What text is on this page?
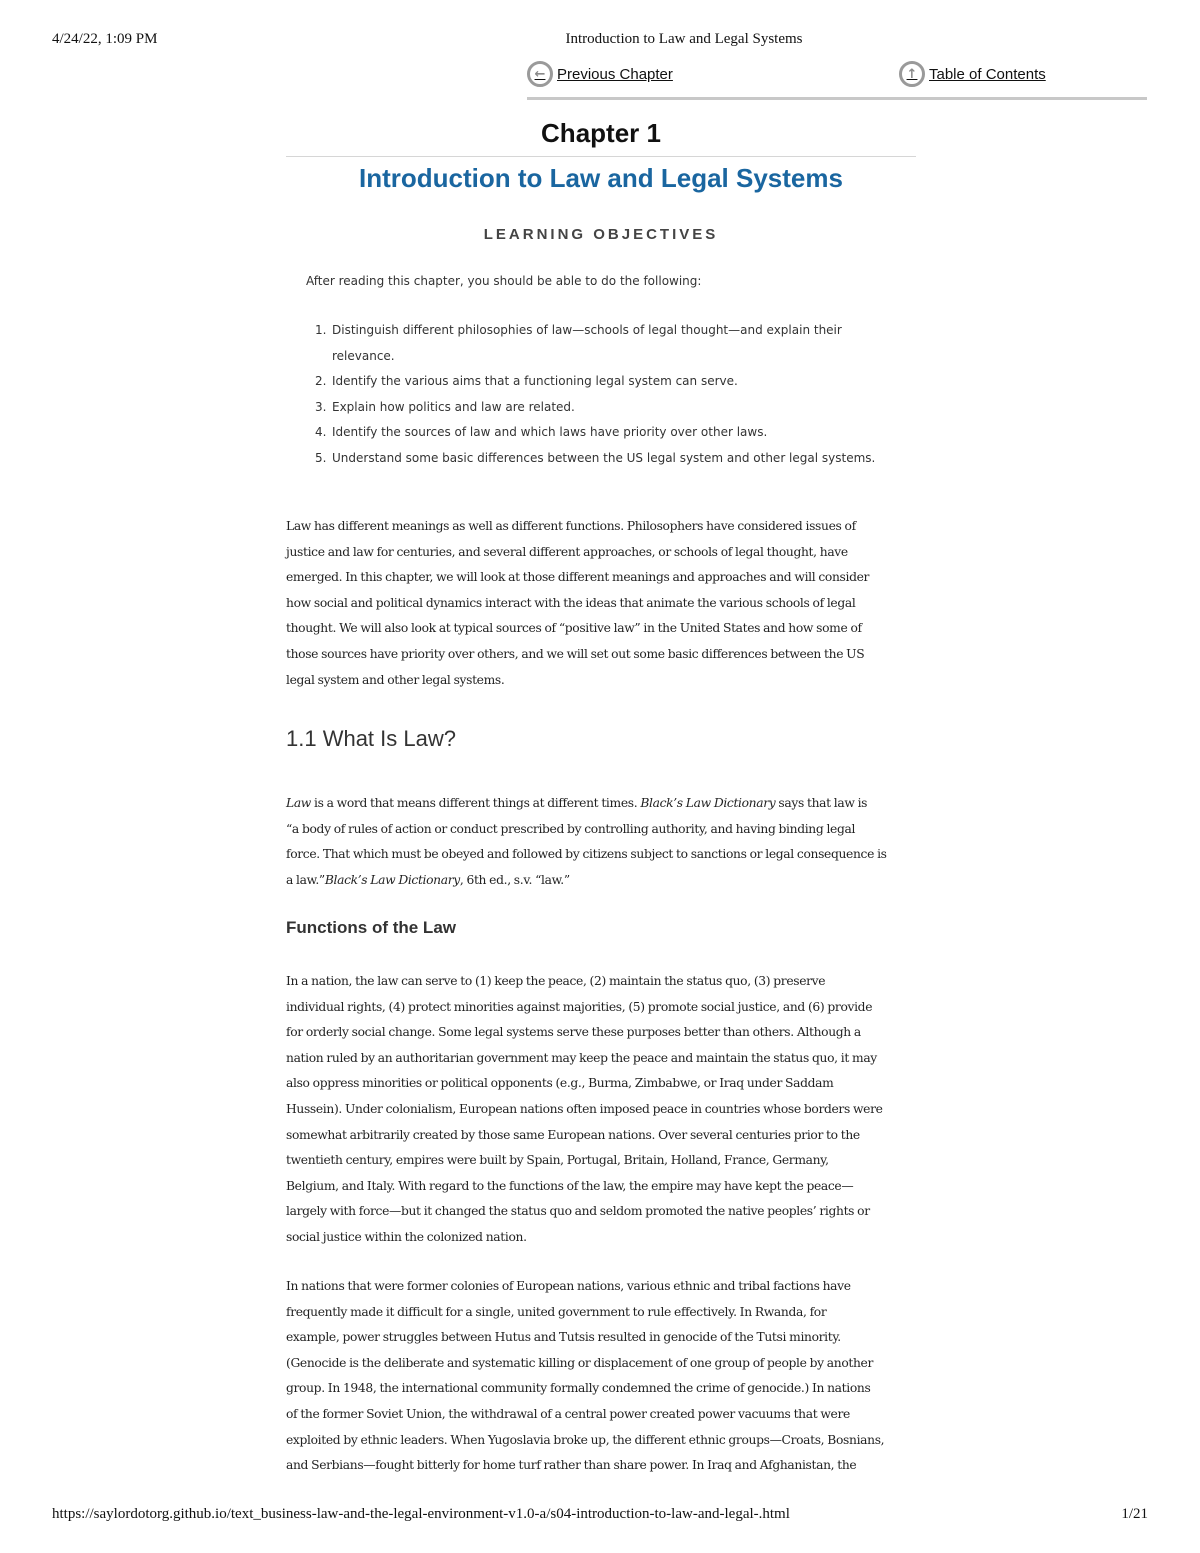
4/24/22, 1:09 PM	Introduction to Law and Legal Systems
← Previous Chapter	↑ Table of Contents
Chapter 1
Introduction to Law and Legal Systems
LEARNING OBJECTIVES
After reading this chapter, you should be able to do the following:
1. Distinguish different philosophies of law—schools of legal thought—and explain their
relevance.
2. Identify the various aims that a functioning legal system can serve.
3. Explain how politics and law are related.
4. Identify the sources of law and which laws have priority over other laws.
5. Understand some basic differences between the US legal system and other legal systems.
Law has different meanings as well as different functions. Philosophers have considered issues of
justice and law for centuries, and several different approaches, or schools of legal thought, have
emerged. In this chapter, we will look at those different meanings and approaches and will consider
how social and political dynamics interact with the ideas that animate the various schools of legal
thought. We will also look at typical sources of “positive law” in the United States and how some of
those sources have priority over others, and we will set out some basic differences between the US
legal system and other legal systems.
1.1 What Is Law?
Law is a word that means different things at different times. Black’s Law Dictionary says that law is
“a body of rules of action or conduct prescribed by controlling authority, and having binding legal
force. That which must be obeyed and followed by citizens subject to sanctions or legal consequence is
a law.”Black’s Law Dictionary, 6th ed., s.v. “law.”
Functions of the Law
In a nation, the law can serve to (1) keep the peace, (2) maintain the status quo, (3) preserve
individual rights, (4) protect minorities against majorities, (5) promote social justice, and (6) provide
for orderly social change. Some legal systems serve these purposes better than others. Although a
nation ruled by an authoritarian government may keep the peace and maintain the status quo, it may
also oppress minorities or political opponents (e.g., Burma, Zimbabwe, or Iraq under Saddam
Hussein). Under colonialism, European nations often imposed peace in countries whose borders were
somewhat arbitrarily created by those same European nations. Over several centuries prior to the
twentieth century, empires were built by Spain, Portugal, Britain, Holland, France, Germany,
Belgium, and Italy. With regard to the functions of the law, the empire may have kept the peace—
largely with force—but it changed the status quo and seldom promoted the native peoples’ rights or
social justice within the colonized nation.
In nations that were former colonies of European nations, various ethnic and tribal factions have
frequently made it difficult for a single, united government to rule effectively. In Rwanda, for
example, power struggles between Hutus and Tutsis resulted in genocide of the Tutsi minority.
(Genocide is the deliberate and systematic killing or displacement of one group of people by another
group. In 1948, the international community formally condemned the crime of genocide.) In nations
of the former Soviet Union, the withdrawal of a central power created power vacuums that were
exploited by ethnic leaders. When Yugoslavia broke up, the different ethnic groups—Croats, Bosnians,
and Serbians—fought bitterly for home turf rather than share power. In Iraq and Afghanistan, the
https://saylordotorg.github.io/text_business-law-and-the-legal-environment-v1.0-a/s04-introduction-to-law-and-legal-.html	1/21
